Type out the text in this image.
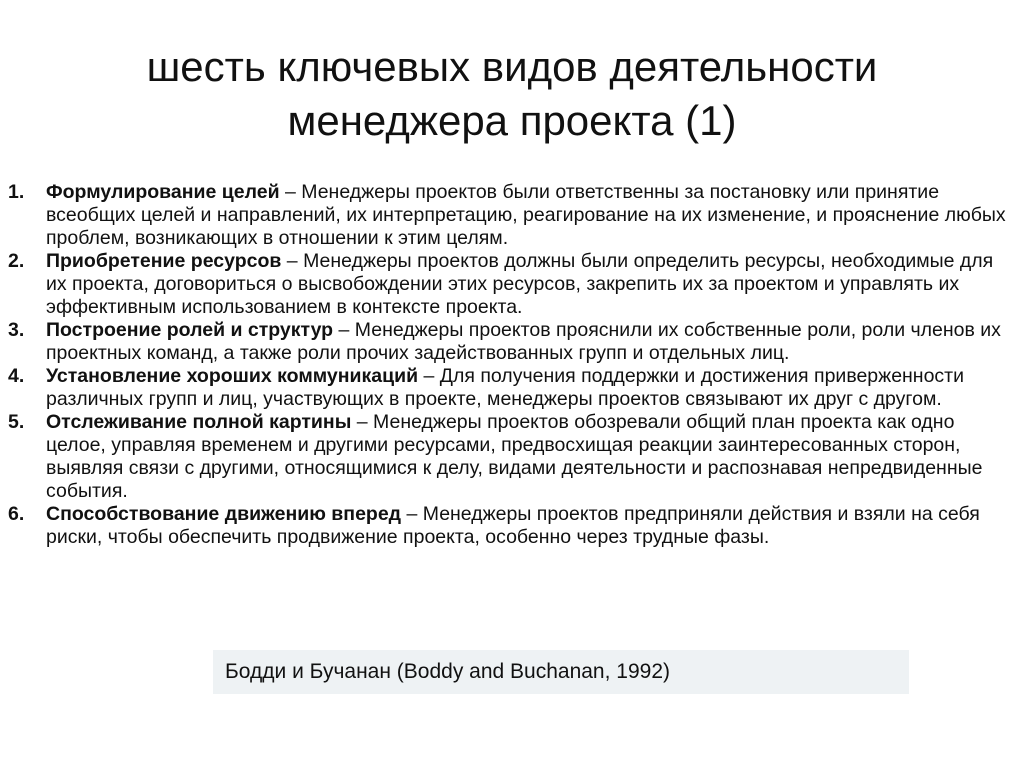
шесть ключевых видов деятельности
менеджера проекта (1)
1.	Формулирование целей – Менеджеры проектов были ответственны за постановку или принятие всеобщих целей и направлений, их интерпретацию, реагирование на их изменение, и прояснение любых проблем, возникающих в отношении к этим целям.
2.	Приобретение ресурсов – Менеджеры проектов должны были определить ресурсы, необходимые для их проекта, договориться о высвобождении этих ресурсов, закрепить их за проектом и управлять их эффективным использованием в контексте проекта.
3.	Построение ролей и структур – Менеджеры проектов прояснили их собственные роли, роли членов их проектных команд, а также роли прочих задействованных групп и отдельных лиц.
4.	Установление хороших коммуникаций – Для получения поддержки и достижения приверженности различных групп и лиц, участвующих в проекте, менеджеры проектов связывают их друг с другом.
5.	Отслеживание полной картины – Менеджеры проектов обозревали общий план проекта как одно целое, управляя временем и другими ресурсами, предвосхищая реакции заинтересованных сторон, выявляя связи с другими, относящимися к делу, видами деятельности и распознавая непредвиденные события.
6.	Способствование движению вперед – Менеджеры проектов предприняли действия и взяли на себя риски, чтобы обеспечить продвижение проекта, особенно через трудные фазы.
Бодди и Бучанан (Boddy and Buchanan, 1992)
